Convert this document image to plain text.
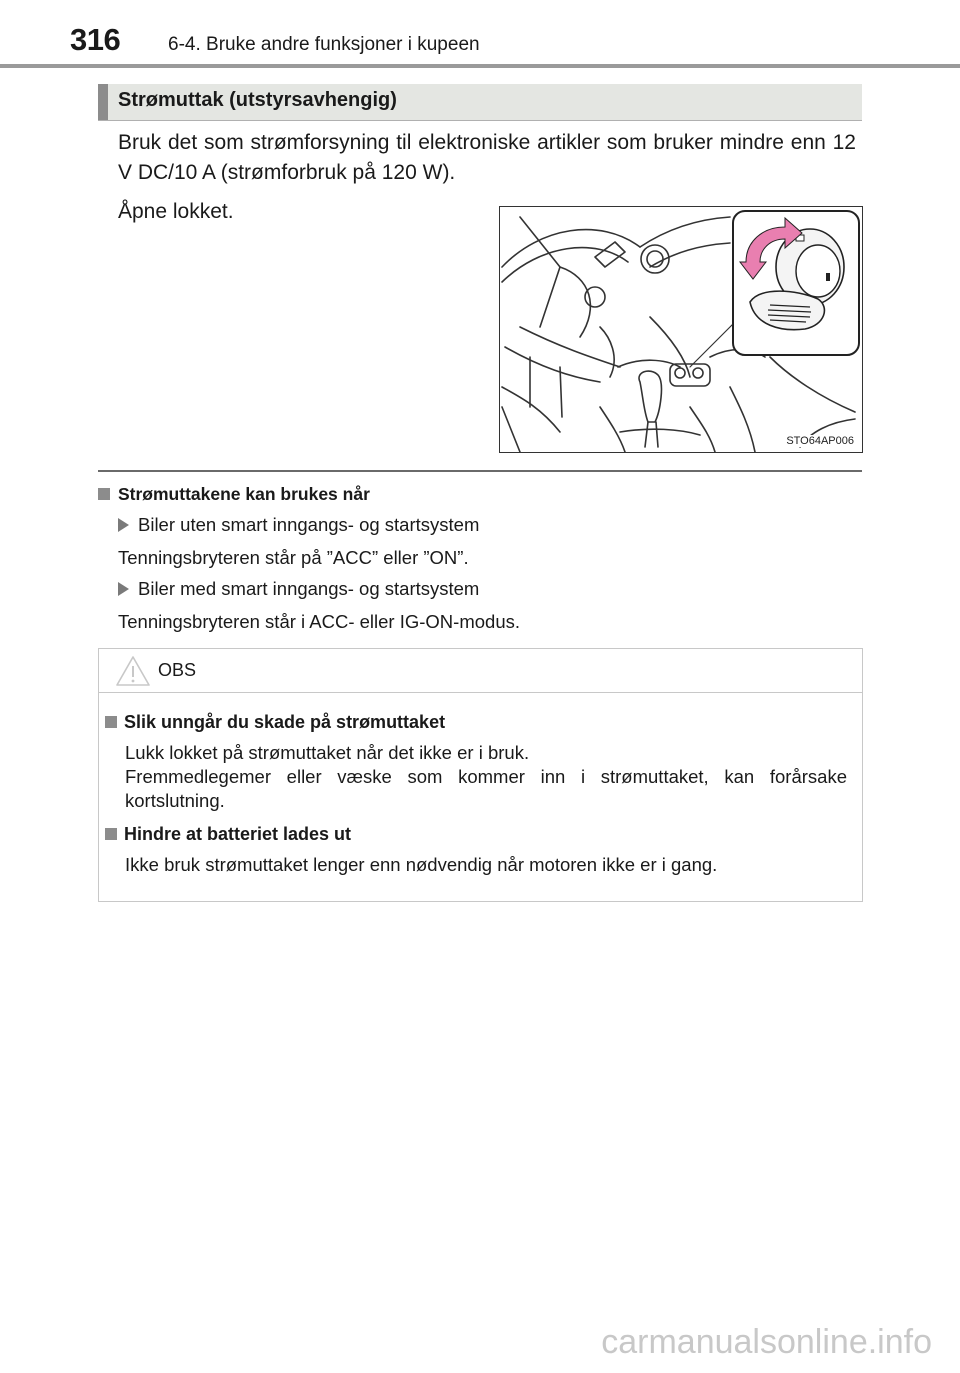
316	6-4. Bruke andre funksjoner i kupeen
Strømuttak (utstyrsavhengig)

Bruk det som strømforsyning til elektroniske artikler som bruker mindre enn 12 V DC/10 A (strømforbruk på 120 W).

Åpne lokket.

STO64AP006
Strømuttakene kan brukes når
Biler uten smart inngangs- og startsystem
Tenningsbryteren står på ”ACC” eller ”ON”.
Biler med smart inngangs- og startsystem
Tenningsbryteren står i ACC- eller IG-ON-modus.
OBS
Slik unngår du skade på strømuttaket
Lukk lokket på strømuttaket når det ikke er i bruk.
Fremmedlegemer eller væske som kommer inn i strømuttaket, kan forårsake kortslutning.
Hindre at batteriet lades ut
Ikke bruk strømuttaket lenger enn nødvendig når motoren ikke er i gang.
carmanualsonline.info
